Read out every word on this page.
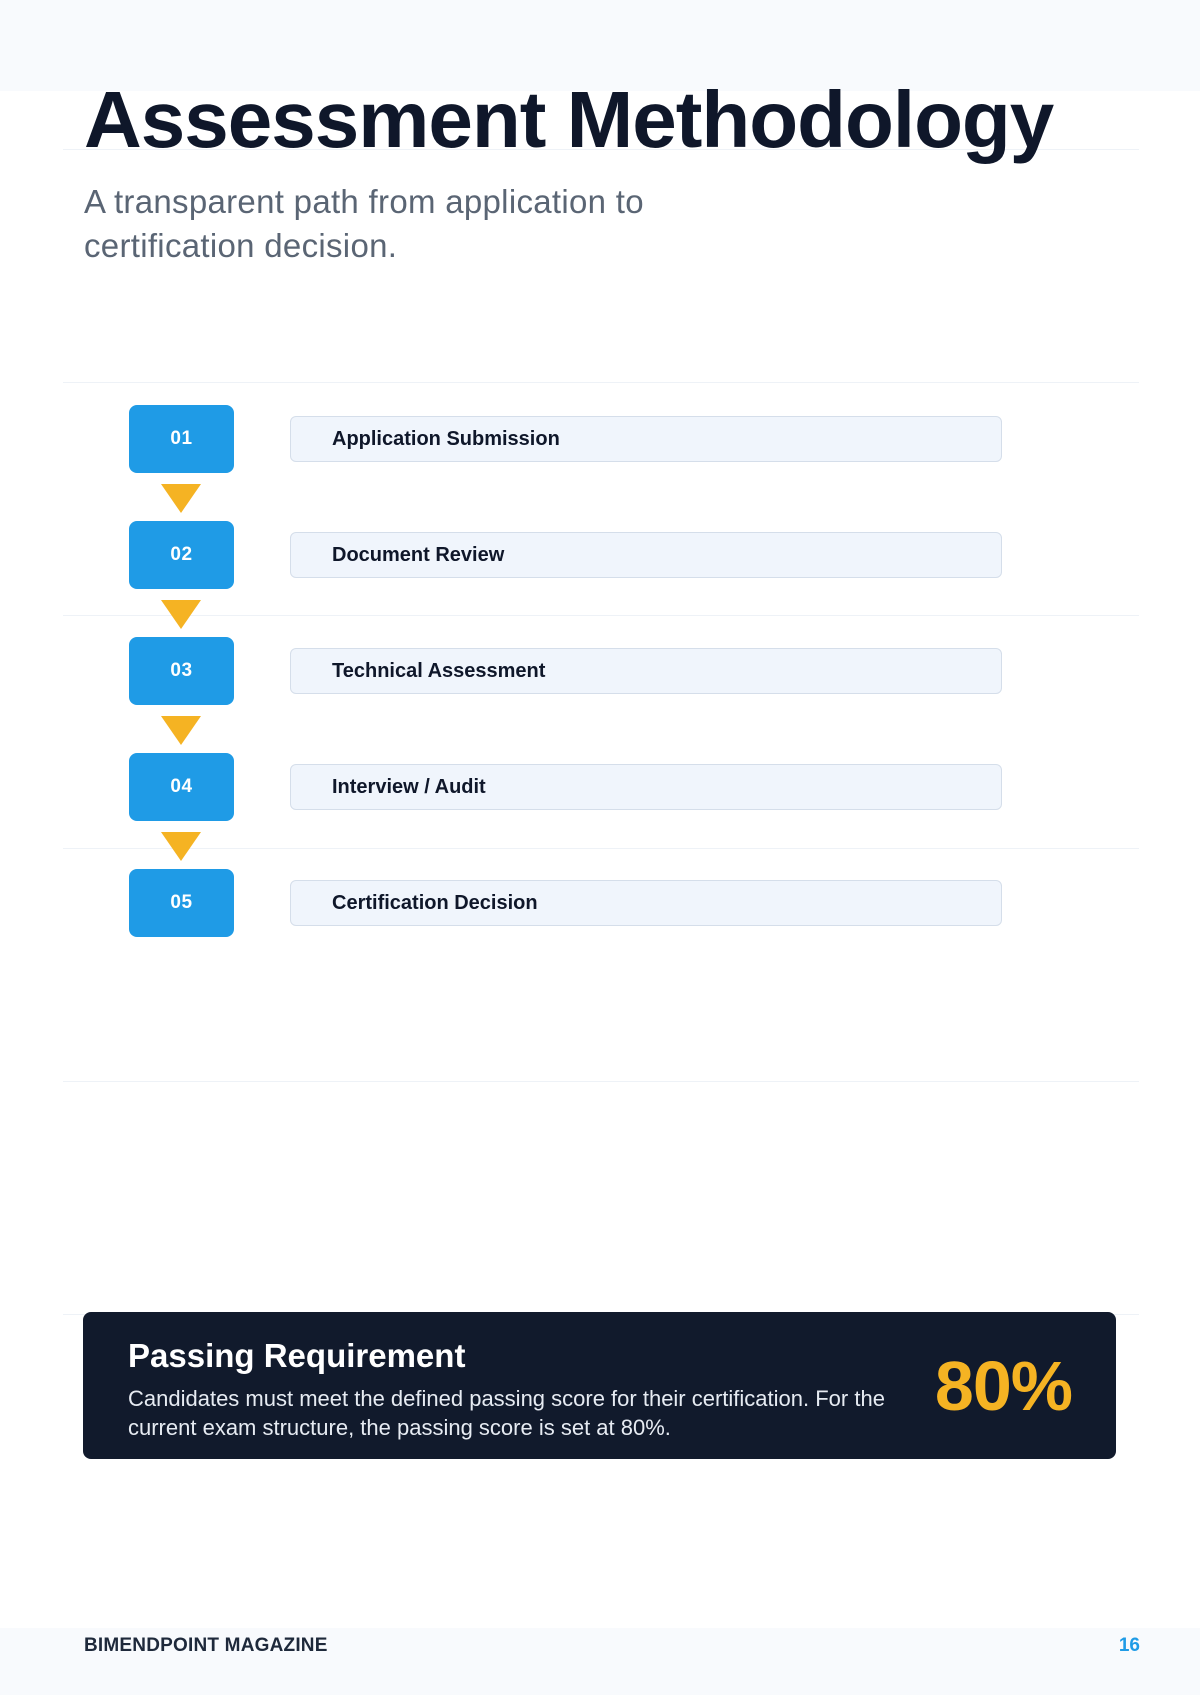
Assessment Methodology

A transparent path from application to certification decision.

01	Application Submission
02	Document Review
03	Technical Assessment
04	Interview / Audit
05	Certification Decision
Passing Requirement

Candidates must meet the defined passing score for their certification. For the current exam structure, the passing score is set at 80%.

80%
BIMENDPOINT MAGAZINE	16
